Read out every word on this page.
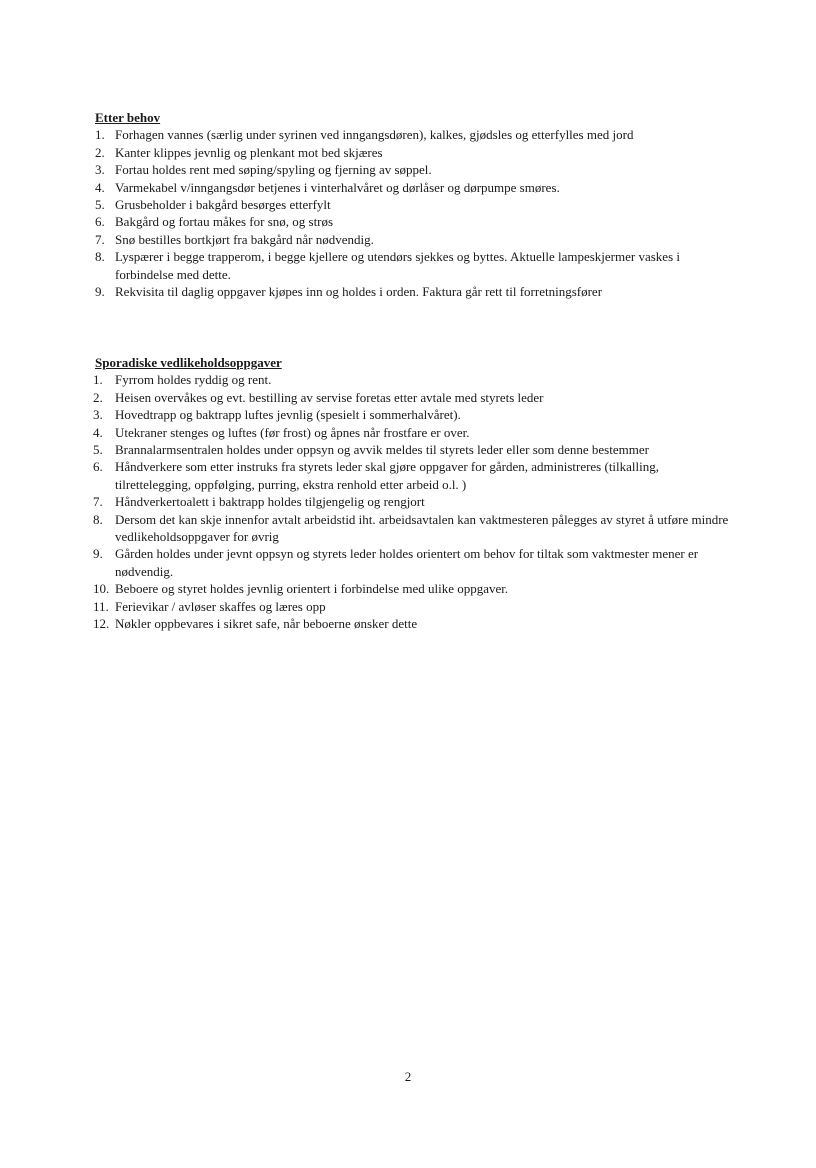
Etter behov

1. Forhagen vannes (særlig under syrinen ved inngangsdøren), kalkes, gjødsles og etterfylles med jord
2. Kanter klippes jevnlig og plenkant mot bed skjæres
3. Fortau holdes rent med søping/spyling og fjerning av søppel.
4. Varmekabel v/inngangsdør betjenes i vinterhalvåret og dørlåser og dørpumpe smøres.
5. Grusbeholder i bakgård besørges etterfylt
6. Bakgård og fortau måkes for snø, og strøs
7. Snø bestilles bortkjørt fra bakgård når nødvendig.
8. Lyspærer i begge trapperom, i begge kjellere og utendørs sjekkes og byttes. Aktuelle lampeskjermer vaskes i forbindelse med dette.
9. Rekvisita til daglig oppgaver kjøpes inn og holdes i orden. Faktura går rett til forretningsfører

Sporadiske vedlikeholdsoppgaver

1. Fyrrom holdes ryddig og rent.
2. Heisen overvåkes og evt. bestilling av servise foretas etter avtale med styrets leder
3. Hovedtrapp og baktrapp luftes jevnlig (spesielt i sommerhalvåret).
4. Utekraner stenges og luftes (før frost) og åpnes når frostfare er over.
5. Brannalarmsentralen holdes under oppsyn og avvik meldes til styrets leder eller som denne bestemmer
6. Håndverkere som etter instruks fra styrets leder skal gjøre oppgaver for gården, administreres (tilkalling, tilrettelegging, oppfølging, purring, ekstra renhold etter arbeid o.l. )
7. Håndverkertoalett i baktrapp holdes tilgjengelig og rengjort
8. Dersom det kan skje innenfor avtalt arbeidstid iht. arbeidsavtalen kan vaktmesteren pålegges av styret å utføre mindre vedlikeholdsoppgaver for øvrig
9. Gården holdes under jevnt oppsyn og styrets leder holdes orientert om behov for tiltak som vaktmester mener er nødvendig.
10. Beboere og styret holdes jevnlig orientert i forbindelse med ulike oppgaver.
11. Ferievikar / avløser skaffes og læres opp
12. Nøkler oppbevares i sikret safe, når beboerne ønsker dette
2
